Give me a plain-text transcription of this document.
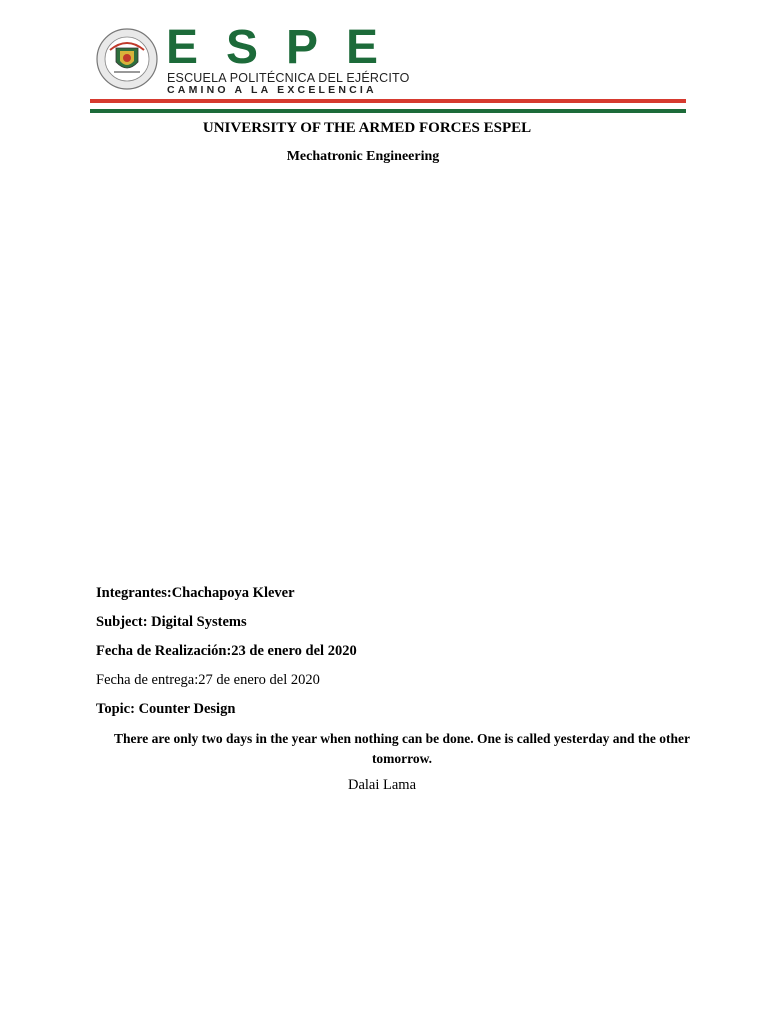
ESPE
ESCUELA POLITÉCNICA DEL EJÉRCITO
CAMINO A LA EXCELENCIA
UNIVERSITY OF THE ARMED FORCES ESPEL
Mechatronic Engineering
Integrantes:Chachapoya Klever
Subject: Digital Systems
Fecha de Realización:23 de enero del 2020
Fecha de entrega:27 de enero del 2020
Topic: Counter Design
There are only two days in the year when nothing can be done. One is called yesterday and the other tomorrow.
Dalai Lama
